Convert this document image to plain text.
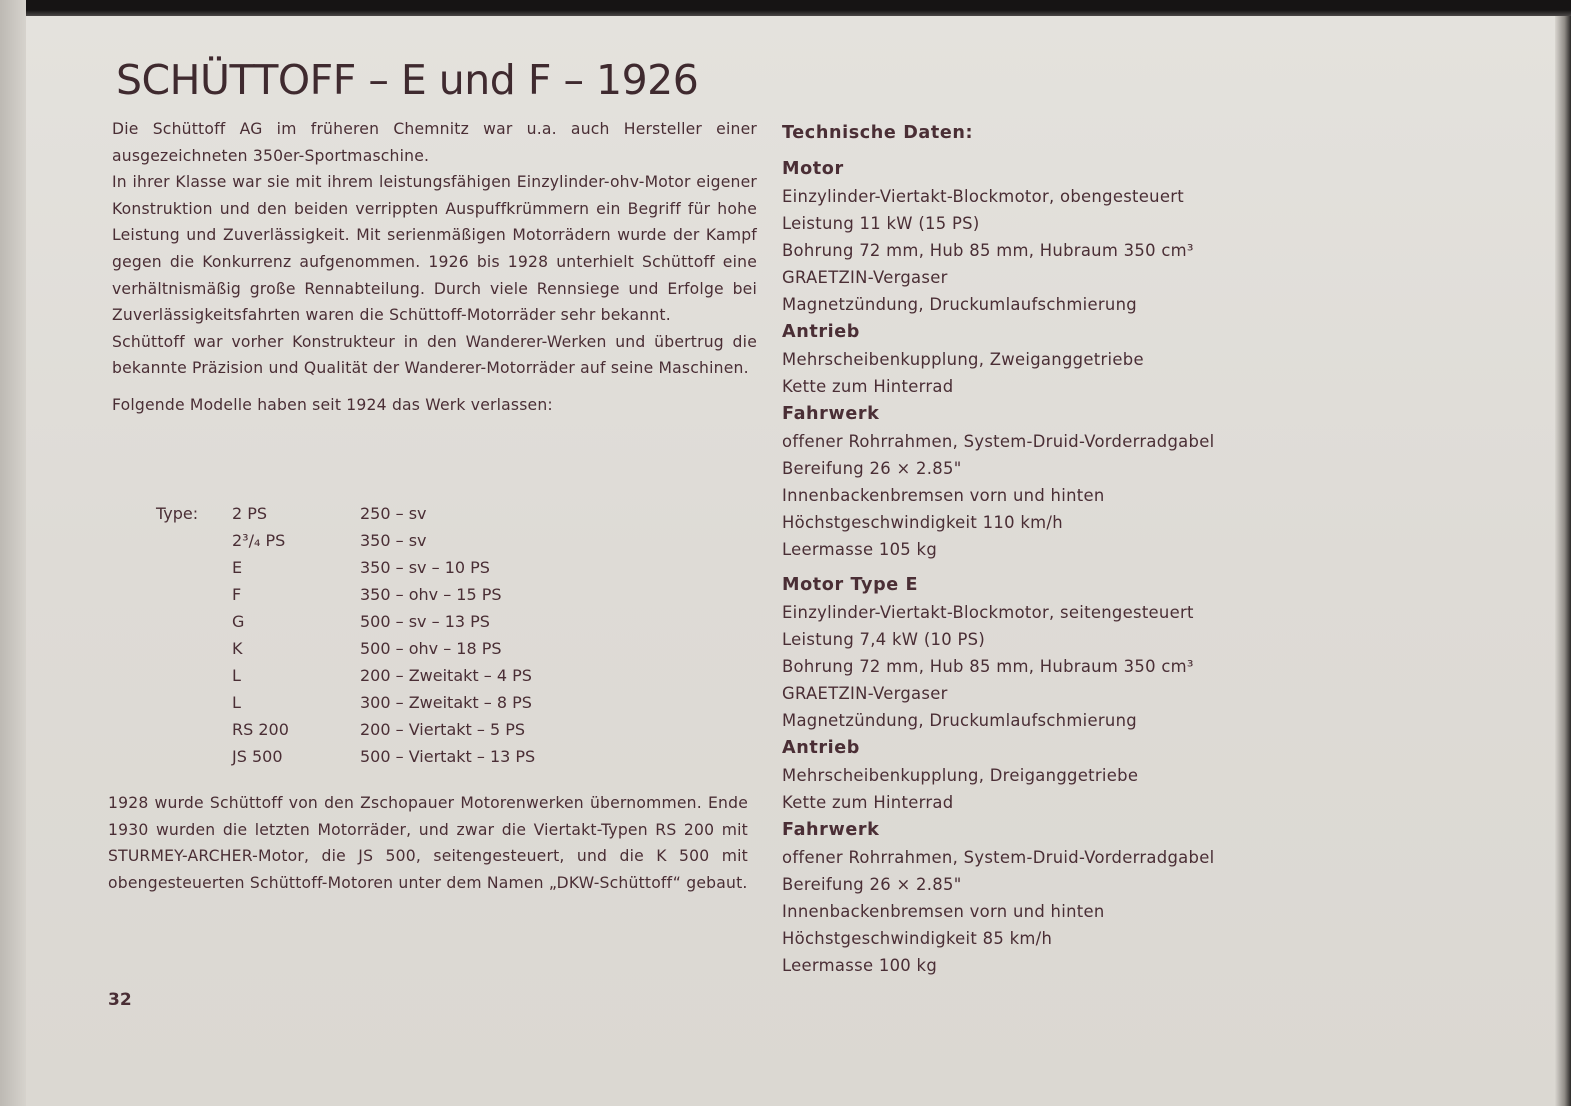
SCHÜTTOFF – E und F – 1926

Die Schüttoff AG im früheren Chemnitz war u.a. auch Hersteller einer ausgezeichneten 350er-Sportmaschine.

In ihrer Klasse war sie mit ihrem leistungsfähigen Einzylinder-ohv-Motor eigener Konstruktion und den beiden verrippten Auspuffkrümmern ein Begriff für hohe Leistung und Zuverlässigkeit. Mit serienmäßigen Motorrädern wurde der Kampf gegen die Konkurrenz aufgenommen. 1926 bis 1928 unterhielt Schüttoff eine verhältnismäßig große Rennabteilung. Durch viele Rennsiege und Erfolge bei Zuverlässigkeitsfahrten waren die Schüttoff-Motorräder sehr bekannt.

Schüttoff war vorher Konstrukteur in den Wanderer-Werken und übertrug die bekannte Präzision und Qualität der Wanderer-Motorräder auf seine Maschinen.

Folgende Modelle haben seit 1924 das Werk verlassen:

Type: 2 PS	250 – sv
2³/₄ PS	350 – sv
E	350 – sv – 10 PS
F	350 – ohv – 15 PS
G	500 – sv – 13 PS
K	500 – ohv – 18 PS
L	200 – Zweitakt – 4 PS
L	300 – Zweitakt – 8 PS
RS 200	200 – Viertakt – 5 PS
JS 500	500 – Viertakt – 13 PS

1928 wurde Schüttoff von den Zschopauer Motorenwerken übernommen. Ende 1930 wurden die letzten Motorräder, und zwar die Viertakt-Typen RS 200 mit STURMEY-ARCHER-Motor, die JS 500, seitengesteuert, und die K 500 mit obengesteuerten Schüttoff-Motoren unter dem Namen „DKW-Schüttoff“ gebaut.

32
Technische Daten:
Motor
Einzylinder-Viertakt-Blockmotor, obengesteuert
Leistung 11 kW (15 PS)
Bohrung 72 mm, Hub 85 mm, Hubraum 350 cm³
GRAETZIN-Vergaser
Magnetzündung, Druckumlaufschmierung
Antrieb
Mehrscheibenkupplung, Zweiganggetriebe
Kette zum Hinterrad
Fahrwerk
offener Rohrrahmen, System-Druid-Vorderradgabel
Bereifung 26 × 2.85"
Innenbackenbremsen vorn und hinten
Höchstgeschwindigkeit 110 km/h
Leermasse 105 kg
Motor Type E
Einzylinder-Viertakt-Blockmotor, seitengesteuert
Leistung 7,4 kW (10 PS)
Bohrung 72 mm, Hub 85 mm, Hubraum 350 cm³
GRAETZIN-Vergaser
Magnetzündung, Druckumlaufschmierung
Antrieb
Mehrscheibenkupplung, Dreiganggetriebe
Kette zum Hinterrad
Fahrwerk
offener Rohrrahmen, System-Druid-Vorderradgabel
Bereifung 26 × 2.85"
Innenbackenbremsen vorn und hinten
Höchstgeschwindigkeit 85 km/h
Leermasse 100 kg
